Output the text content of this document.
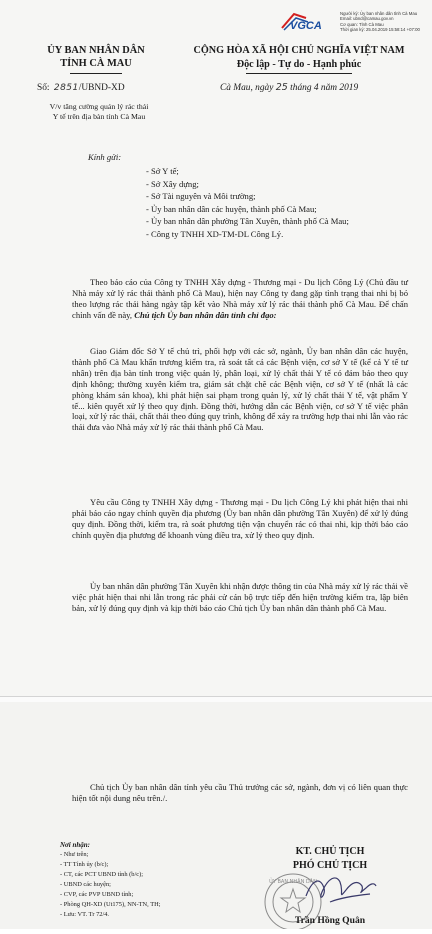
VGCA
Người ký: Ủy ban nhân dân tỉnh Cà Mau
Email: ubnd@camau.gov.vn
Cơ quan: Tỉnh Cà Mau
Thời gian ký: 25.04.2019 15:58:14 +07:00
ỦY BAN NHÂN DÂN
TỈNH CÀ MAU
Số: 2851/UBND-XD
V/v tăng cường quản lý rác thải
Y tế trên địa bàn tỉnh Cà Mau
CỘNG HÒA XÃ HỘI CHỦ NGHĨA VIỆT NAM
Độc lập - Tự do - Hạnh phúc
Cà Mau, ngày 25 tháng 4 năm 2019
Kính gửi:
- Sở Y tế;
- Sở Xây dựng;
- Sở Tài nguyên và Môi trường;
- Ủy ban nhân dân các huyện, thành phố Cà Mau;
- Ủy ban nhân dân phường Tân Xuyên, thành phố Cà Mau;
- Công ty TNHH XD-TM-DL Công Lý.
Theo báo cáo của Công ty TNHH Xây dựng - Thương mại - Du lịch Công Lý (Chủ đầu tư Nhà máy xử lý rác thải thành phố Cà Mau), hiện nay Công ty đang gặp tình trạng thai nhi bị bỏ theo lượng rác thải hàng ngày tập kết vào Nhà máy xử lý rác thải thành phố Cà Mau. Để chấn chỉnh vấn đề này, Chủ tịch Ủy ban nhân dân tỉnh chỉ đạo:
Giao Giám đốc Sở Y tế chủ trì, phối hợp với các sở, ngành, Ủy ban nhân dân các huyện, thành phố Cà Mau khẩn trương kiểm tra, rà soát tất cả các Bệnh viện, cơ sở Y tế (kể cả Y tế tư nhân) trên địa bàn tỉnh trong việc quản lý, phân loại, xử lý chất thải Y tế có đảm bảo theo quy định không; thường xuyên kiểm tra, giám sát chặt chẽ các Bệnh viện, cơ sở Y tế (nhất là các phòng khám sản khoa), khi phát hiện sai phạm trong quản lý, xử lý chất thải Y tế, vật phẩm Y tế... kiên quyết xử lý theo quy định. Đồng thời, hướng dẫn các Bệnh viện, cơ sở Y tế việc phân loại, xử lý rác thải, chất thải theo đúng quy trình, không để xảy ra trường hợp thai nhi lẫn vào rác thải đưa vào Nhà máy xử lý rác thải thành phố Cà Mau.
Yêu cầu Công ty TNHH Xây dựng - Thương mại - Du lịch Công Lý khi phát hiện thai nhi phải báo cáo ngay chính quyền địa phương (Ủy ban nhân dân phường Tân Xuyên) để xử lý đúng quy định. Đồng thời, kiểm tra, rà soát phương tiện vận chuyển rác có thai nhi, kịp thời báo cáo chính quyền địa phương để khoanh vùng điều tra, xử lý theo quy định.
Ủy ban nhân dân phường Tân Xuyên khi nhận được thông tin của Nhà máy xử lý rác thải về việc phát hiện thai nhi lẫn trong rác phải cử cán bộ trực tiếp đến hiện trường kiểm tra, lập biên bản, xử lý đúng quy định và kịp thời báo cáo Chủ tịch Ủy ban nhân dân thành phố Cà Mau.
Chủ tịch Ủy ban nhân dân tỉnh yêu cầu Thủ trưởng các sở, ngành, đơn vị có liên quan thực hiện tốt nội dung nêu trên./.
Nơi nhận:
- Như trên;
- TT Tỉnh ủy (b/c);
- CT, các PCT UBND tỉnh (b/c);
- UBND các huyện;
- CVP, các PVP UBND tỉnh;
- Phòng QH-XD (Ut175), NN-TN, TH;
- Lưu: VT. Tr 72/4.
KT. CHỦ TỊCH
PHÓ CHỦ TỊCH
ỦY BAN NHÂN DÂN
Trần Hồng Quân
